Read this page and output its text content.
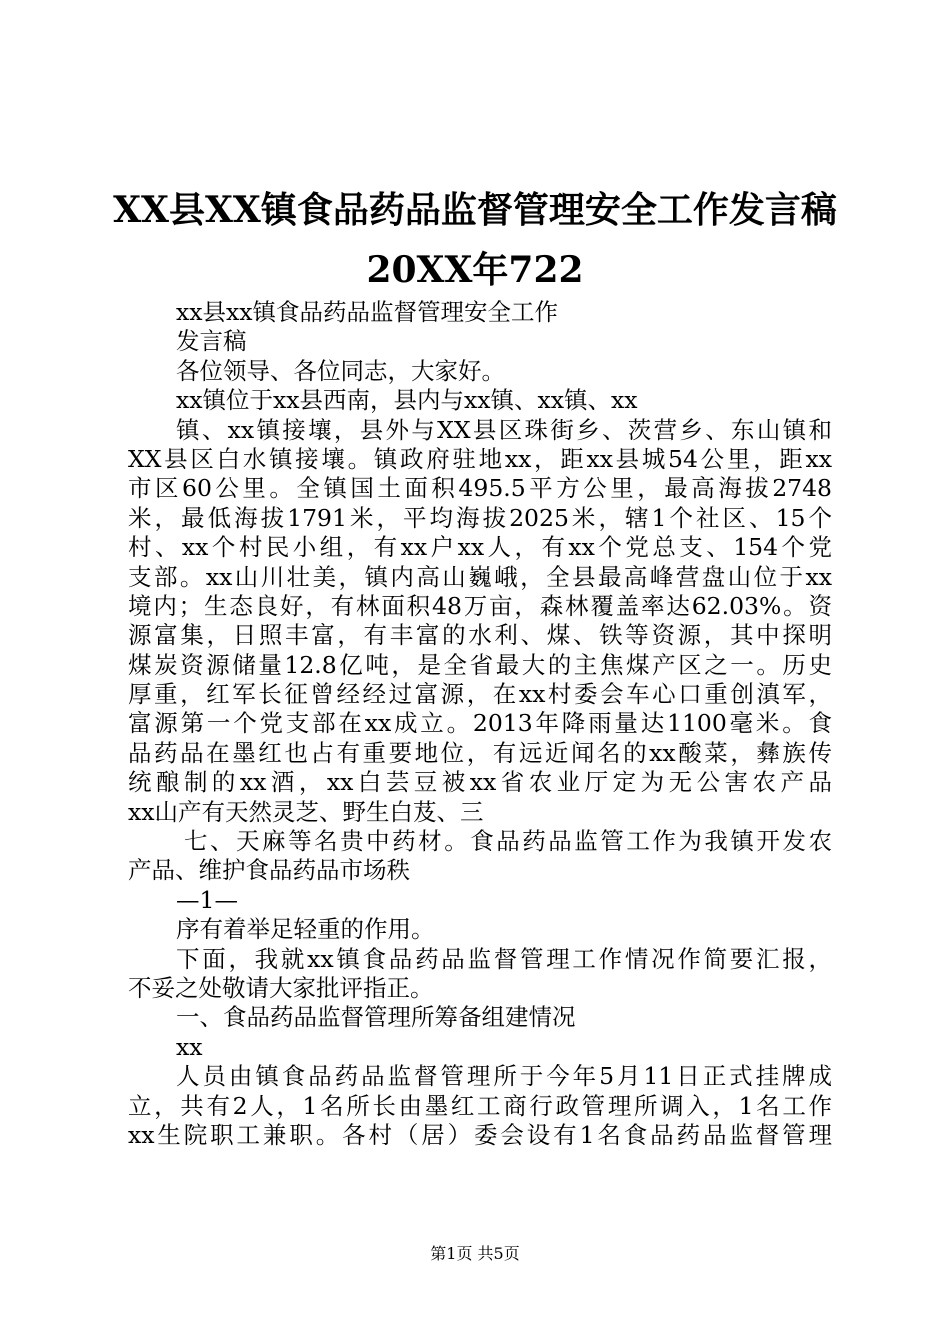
XX县XX镇食品药品监督管理安全工作发言稿
20XX年722
xx县xx镇食品药品监督管理安全工作
发言稿
各位领导、各位同志，大家好。
xx镇位于xx县西南，县内与xx镇、xx镇、xx
镇、xx镇接壤，县外与XX县区珠街乡、茨营乡、东山镇和
XX县区白水镇接壤。镇政府驻地xx，距xx县城54公里，距xx
市区60公里。全镇国土面积495.5平方公里，最高海拔2748
米，最低海拔1791米，平均海拔2025米，辖1个社区、15个
村、xx个村民小组，有xx户xx人，有xx个党总支、154个党
支部。xx山川壮美，镇内高山巍峨，全县最高峰营盘山位于xx
境内；生态良好，有林面积48万亩，森林覆盖率达62.03%。资
源富集，日照丰富，有丰富的水利、煤、铁等资源，其中探明
煤炭资源储量12.8亿吨，是全省最大的主焦煤产区之一。历史
厚重，红军长征曾经经过富源，在xx村委会车心口重创滇军，
富源第一个党支部在xx成立。2013年降雨量达1100毫米。食
品药品在墨红也占有重要地位，有远近闻名的xx酸菜，彝族传
统酿制的xx酒，xx白芸豆被xx省农业厅定为无公害农产品
xx山产有天然灵芝、野生白芨、三
七、天麻等名贵中药材。食品药品监管工作为我镇开发农
产品、维护食品药品市场秩
—1—
序有着举足轻重的作用。
下面，我就xx镇食品药品监督管理工作情况作简要汇报，
不妥之处敬请大家批评指正。
一、食品药品监督管理所筹备组建情况
xx
人员由镇食品药品监督管理所于今年5月11日正式挂牌成
立，共有2人，1名所长由墨红工商行政管理所调入，1名工作
xx生院职工兼职。各村（居）委会设有1名食品药品监督管理
第1页 共5页
